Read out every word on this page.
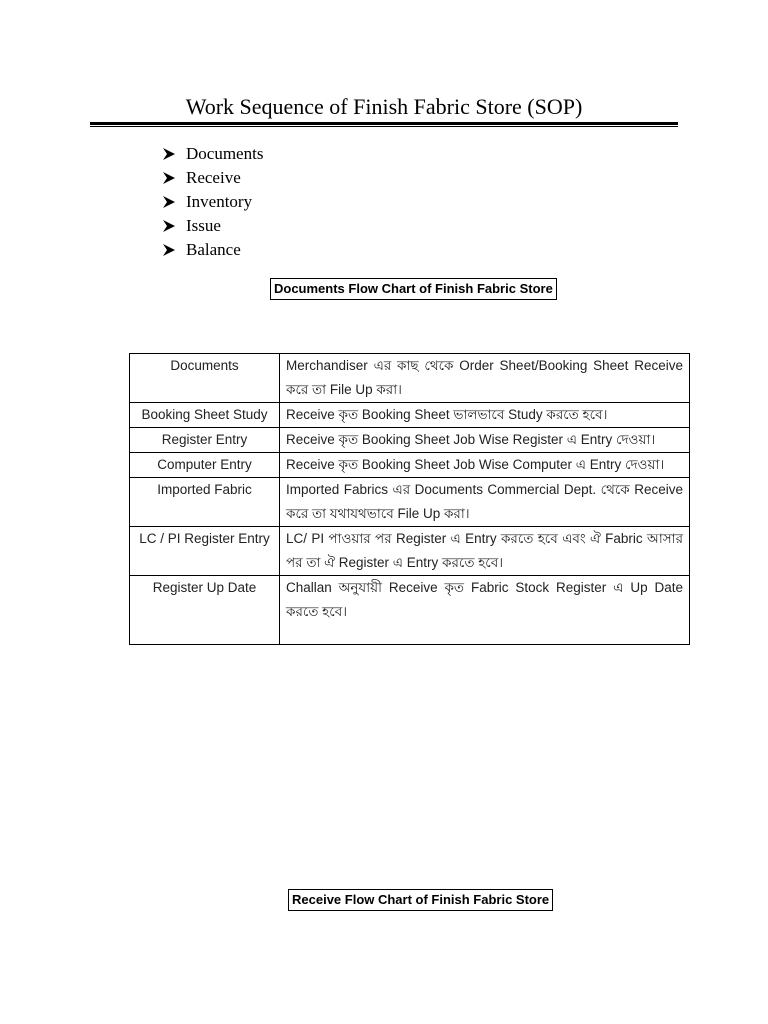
Work Sequence of Finish Fabric Store (SOP)
Documents
Receive
Inventory
Issue
Balance
Documents Flow Chart of Finish Fabric Store
Documents	Merchandiser এর কাছ থেকে Order Sheet/Booking Sheet Receive করে তা File Up করা।
Booking Sheet Study	Receive কৃত Booking Sheet ভালভাবে Study করতে হবে।
Register Entry	Receive কৃত Booking Sheet Job Wise Register এ Entry দেওয়া।
Computer Entry	Receive কৃত Booking Sheet Job Wise Computer এ Entry দেওয়া।
Imported Fabric	Imported Fabrics এর Documents Commercial Dept. থেকে Receive করে তা যথাযথভাবে File Up করা।
LC / PI Register Entry	LC/ PI পাওয়ার পর Register এ Entry করতে হবে এবং ঐ Fabric আসার পর তা ঐ Register এ Entry করতে হবে।
Register Up Date	Challan অনুযায়ী Receive কৃত Fabric Stock Register এ Up Date করতে হবে।
Receive Flow Chart of Finish Fabric Store
